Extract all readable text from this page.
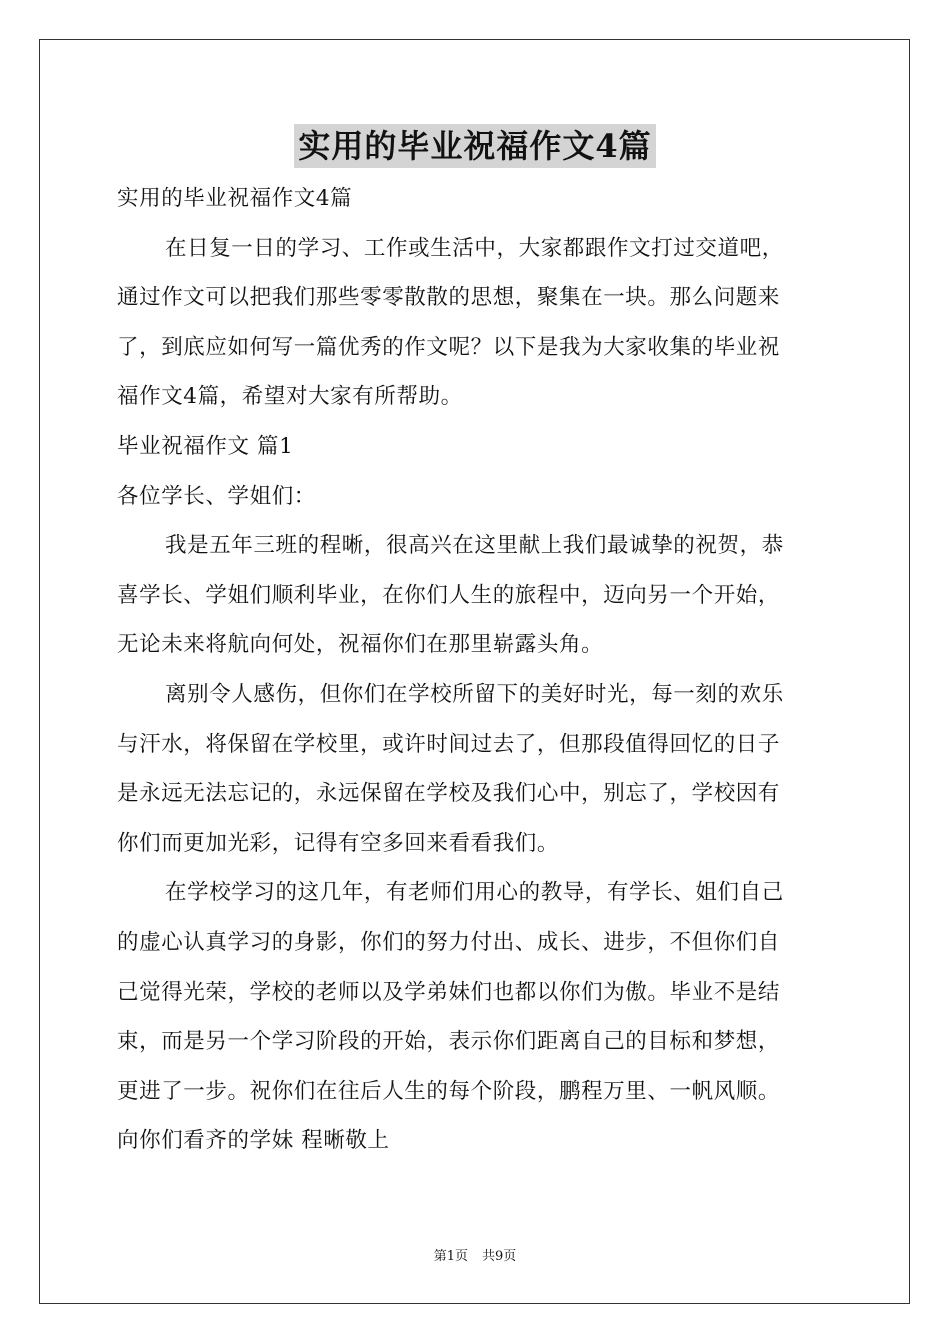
实用的毕业祝福作文4篇
实用的毕业祝福作文4篇
在日复一日的学习、工作或生活中，大家都跟作文打过交道吧，
通过作文可以把我们那些零零散散的思想，聚集在一块。那么问题来
了，到底应如何写一篇优秀的作文呢？以下是我为大家收集的毕业祝
福作文4篇，希望对大家有所帮助。
毕业祝福作文 篇1
各位学长、学姐们：
我是五年三班的程晰，很高兴在这里献上我们最诚挚的祝贺，恭
喜学长、学姐们顺利毕业，在你们人生的旅程中，迈向另一个开始，
无论未来将航向何处，祝福你们在那里崭露头角。
离别令人感伤，但你们在学校所留下的美好时光，每一刻的欢乐
与汗水，将保留在学校里，或许时间过去了，但那段值得回忆的日子
是永远无法忘记的，永远保留在学校及我们心中，别忘了，学校因有
你们而更加光彩，记得有空多回来看看我们。
在学校学习的这几年，有老师们用心的教导，有学长、姐们自己
的虚心认真学习的身影，你们的努力付出、成长、进步，不但你们自
己觉得光荣，学校的老师以及学弟妹们也都以你们为傲。毕业不是结
束，而是另一个学习阶段的开始，表示你们距离自己的目标和梦想，
更进了一步。祝你们在往后人生的每个阶段，鹏程万里、一帆风顺。
向你们看齐的学妹 程晰敬上
第1页 共9页
